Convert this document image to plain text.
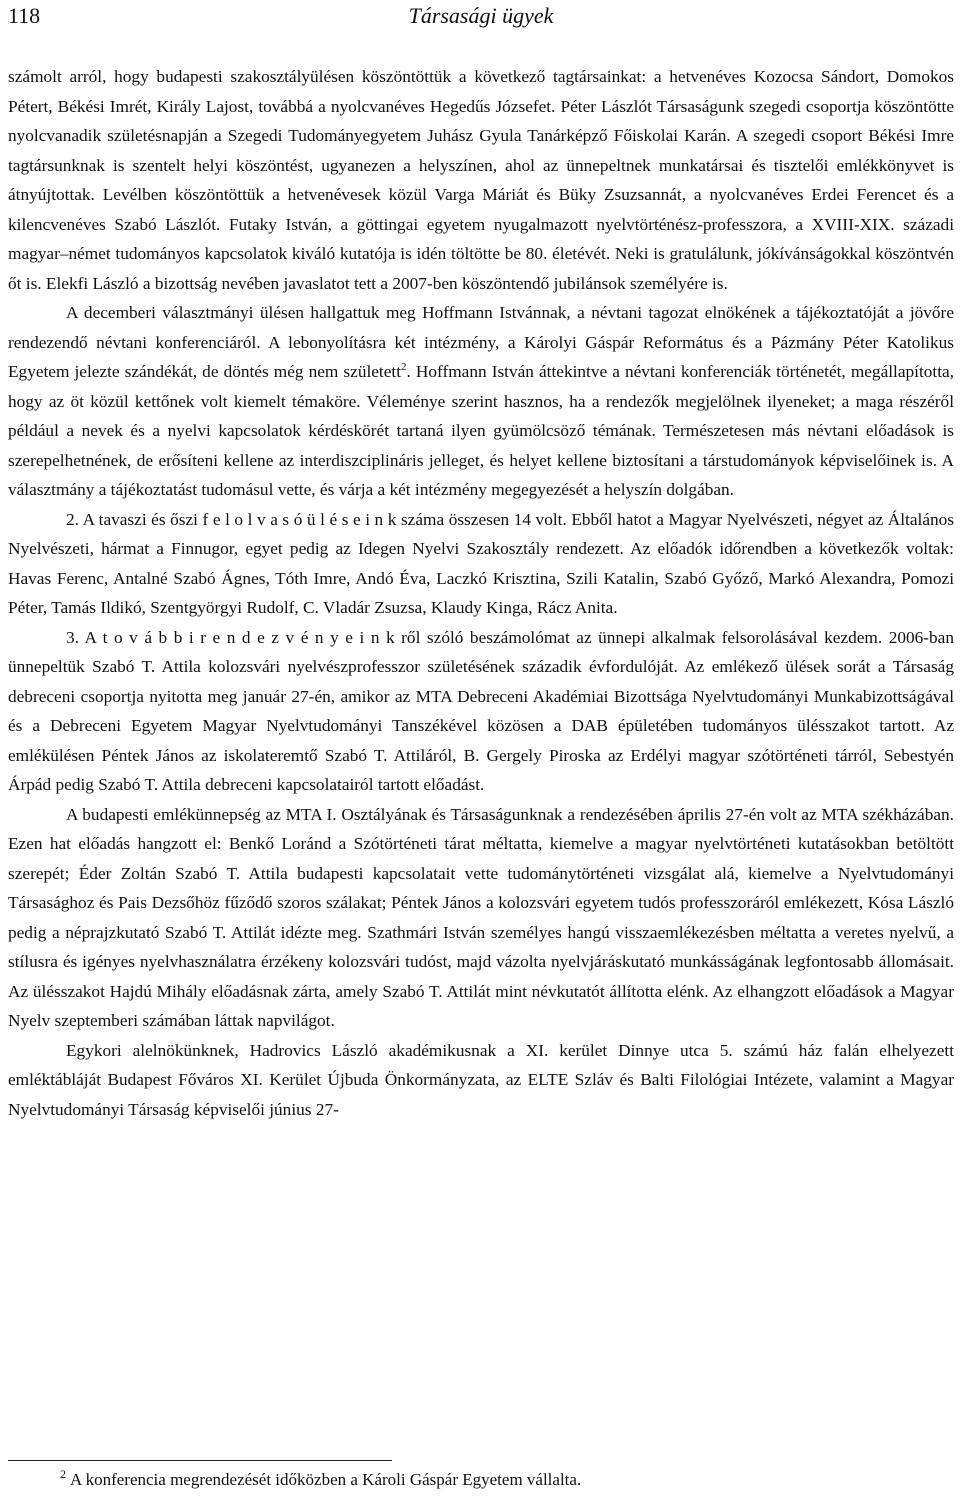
118	Társasági ügyek

számolt arról, hogy budapesti szakosztályülésen köszöntöttük a következő tagtársainkat: a hetvenéves Kozocsa Sándort, Domokos Pétert, Békési Imrét, Király Lajost, továbbá a nyolcvanéves Hegedűs Józsefet. Péter Lászlót Társaságunk szegedi csoportja köszöntötte nyolcvanadik születésnapján a Szegedi Tudományegyetem Juhász Gyula Tanárképző Főiskolai Karán. A szegedi csoport Békési Imre tagtársunknak is szentelt helyi köszöntést, ugyanezen a helyszínen, ahol az ünnepeltnek munkatársai és tisztelői emlékkönyvet is átnyújtottak. Levélben köszöntöttük a hetvenévesek közül Varga Máriát és Büky Zsuzsannát, a nyolcvanéves Erdei Ferencet és a kilencvenéves Szabó Lászlót. Futaky István, a göttingai egyetem nyugalmazott nyelvtörténész-professzora, a XVIII-XIX. századi magyar–német tudományos kapcsolatok kiváló kutatója is idén töltötte be 80. életévét. Neki is gratulálunk, jókívánságokkal köszöntvén őt is. Elekfi László a bizottság nevében javaslatot tett a 2007-ben köszöntendő jubilánsok személyére is.

A decemberi választmányi ülésen hallgattuk meg Hoffmann Istvánnak, a névtani tagozat elnökének a tájékoztatóját a jövőre rendezendő névtani konferenciáról. A lebonyolításra két intézmény, a Károlyi Gáspár Református és a Pázmány Péter Katolikus Egyetem jelezte szándékát, de döntés még nem született$^2$. Hoffmann István áttekintve a névtani konferenciák történetét, megállapította, hogy az öt közül kettőnek volt kiemelt témaköre. Véleménye szerint hasznos, ha a rendezők megjelölnek ilyeneket; a maga részéről például a nevek és a nyelvi kapcsolatok kérdéskörét tartaná ilyen gyümölcsöző témának. Természetesen más névtani előadások is szerepelhetnének, de erősíteni kellene az interdiszciplináris jelleget, és helyet kellene biztosítani a társtudományok képviselőinek is. A választmány a tájékoztatást tudomásul vette, és várja a két intézmény megegyezését a helyszín dolgában.

2. A tavaszi és őszi f e l o l v a s ó ü l é s e i n k száma összesen 14 volt. Ebből hatot a Magyar Nyelvészeti, négyet az Általános Nyelvészeti, hármat a Finnugor, egyet pedig az Idegen Nyelvi Szakosztály rendezett. Az előadók időrendben a következők voltak: Havas Ferenc, Antalné Szabó Ágnes, Tóth Imre, Andó Éva, Laczkó Krisztina, Szili Katalin, Szabó Győző, Markó Alexandra, Pomozi Péter, Tamás Ildikó, Szentgyörgyi Rudolf, C. Vladár Zsuzsa, Klaudy Kinga, Rácz Anita.

3. A t o v á b b i r e n d e z v é n y e i n k ről szóló beszámolómat az ünnepi alkalmak felsorolásával kezdem. 2006-ban ünnepeltük Szabó T. Attila kolozsvári nyelvészprofesszor születésének századik évfordulóját. Az emlékező ülések sorát a Társaság debreceni csoportja nyitotta meg január 27-én, amikor az MTA Debreceni Akadémiai Bizottsága Nyelvtudományi Munkabizottságával és a Debreceni Egyetem Magyar Nyelvtudományi Tanszékével közösen a DAB épületében tudományos ülésszakot tartott. Az emlékülésen Péntek János az iskolateremtő Szabó T. Attiláról, B. Gergely Piroska az Erdélyi magyar szótörténeti tárról, Sebestyén Árpád pedig Szabó T. Attila debreceni kapcsolatairól tartott előadást.

A budapesti emlékünnepség az MTA I. Osztályának és Társaságunknak a rendezésében április 27-én volt az MTA székházában. Ezen hat előadás hangzott el: Benkő Loránd a Szótörténeti tárat méltatta, kiemelve a magyar nyelvtörténeti kutatásokban betöltött szerepét; Éder Zoltán Szabó T. Attila budapesti kapcsolatait vette tudománytörténeti vizsgálat alá, kiemelve a Nyelvtudományi Társasághoz és Pais Dezsőhöz fűződő szoros szálakat; Péntek János a kolozsvári egyetem tudós professzoráról emlékezett, Kósa László pedig a néprajzkutató Szabó T. Attilát idézte meg. Szathmári István személyes hangú visszaemlékezésben méltatta a veretes nyelvű, a stílusra és igényes nyelvhasználatra érzékeny kolozsvári tudóst, majd vázolta nyelvjáráskutató munkásságának legfontosabb állomásait. Az ülésszakot Hajdú Mihály előadásnak zárta, amely Szabó T. Attilát mint névkutatót állította elénk. Az elhangzott előadások a Magyar Nyelv szeptemberi számában láttak napvilágot.

Egykori alelnökünknek, Hadrovics László akadémikusnak a XI. kerület Dinnye utca 5. számú ház falán elhelyezett emléktábláját Budapest Főváros XI. Kerület Újbuda Önkormányzata, az ELTE Szláv és Balti Filológiai Intézete, valamint a Magyar Nyelvtudományi Társaság képviselői június 27-

$^2$ A konferencia megrendezését időközben a Károli Gáspár Egyetem vállalta.
